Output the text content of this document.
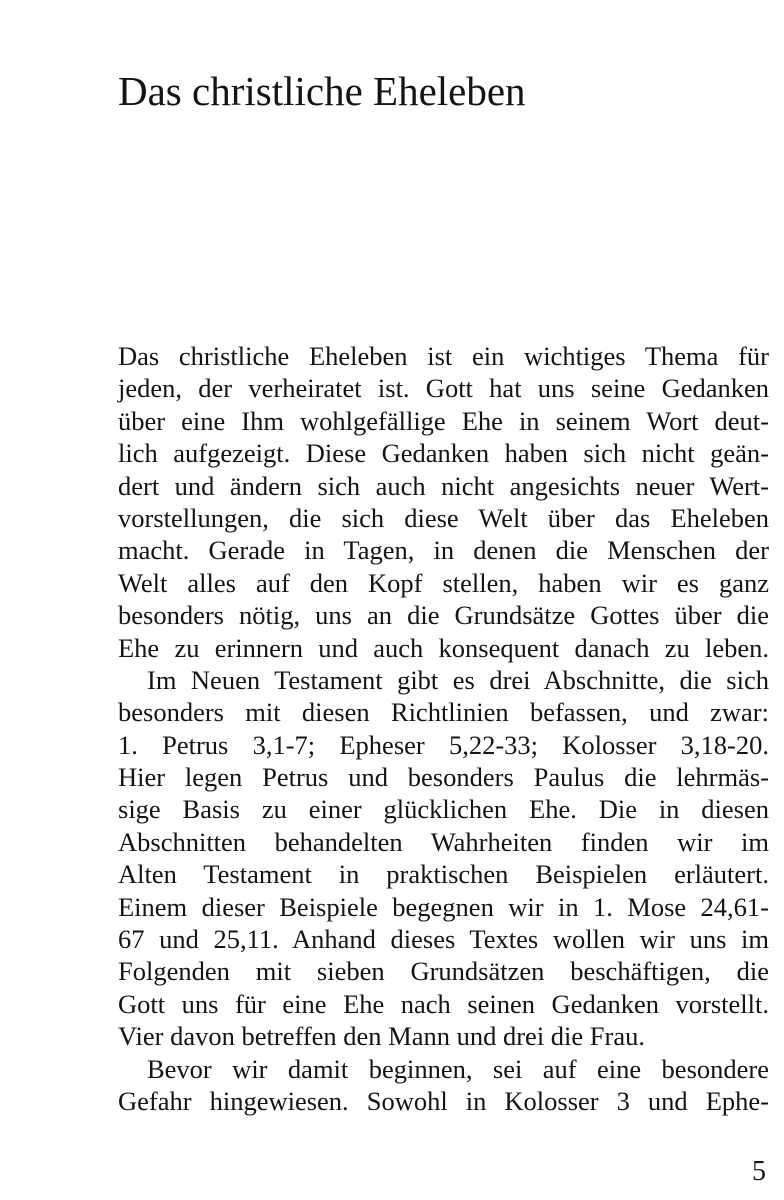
Das christliche Eheleben
Das christliche Eheleben ist ein wichtiges Thema für
jeden, der verheiratet ist. Gott hat uns seine Gedanken
über eine Ihm wohlgefällige Ehe in seinem Wort deut-
lich aufgezeigt. Diese Gedanken haben sich nicht geän-
dert und ändern sich auch nicht angesichts neuer Wert-
vorstellungen, die sich diese Welt über das Eheleben
macht. Gerade in Tagen, in denen die Menschen der
Welt alles auf den Kopf stellen, haben wir es ganz
besonders nötig, uns an die Grundsätze Gottes über die
Ehe zu erinnern und auch konsequent danach zu leben.
Im Neuen Testament gibt es drei Abschnitte, die sich
besonders mit diesen Richtlinien befassen, und zwar:
1. Petrus 3,1-7; Epheser 5,22-33; Kolosser 3,18-20.
Hier legen Petrus und besonders Paulus die lehrmäs-
sige Basis zu einer glücklichen Ehe. Die in diesen
Abschnitten behandelten Wahrheiten finden wir im
Alten Testament in praktischen Beispielen erläutert.
Einem dieser Beispiele begegnen wir in 1. Mose 24,61-
67 und 25,11. Anhand dieses Textes wollen wir uns im
Folgenden mit sieben Grundsätzen beschäftigen, die
Gott uns für eine Ehe nach seinen Gedanken vorstellt.
Vier davon betreffen den Mann und drei die Frau.
Bevor wir damit beginnen, sei auf eine besondere
Gefahr hingewiesen. Sowohl in Kolosser 3 und Ephe-
5
